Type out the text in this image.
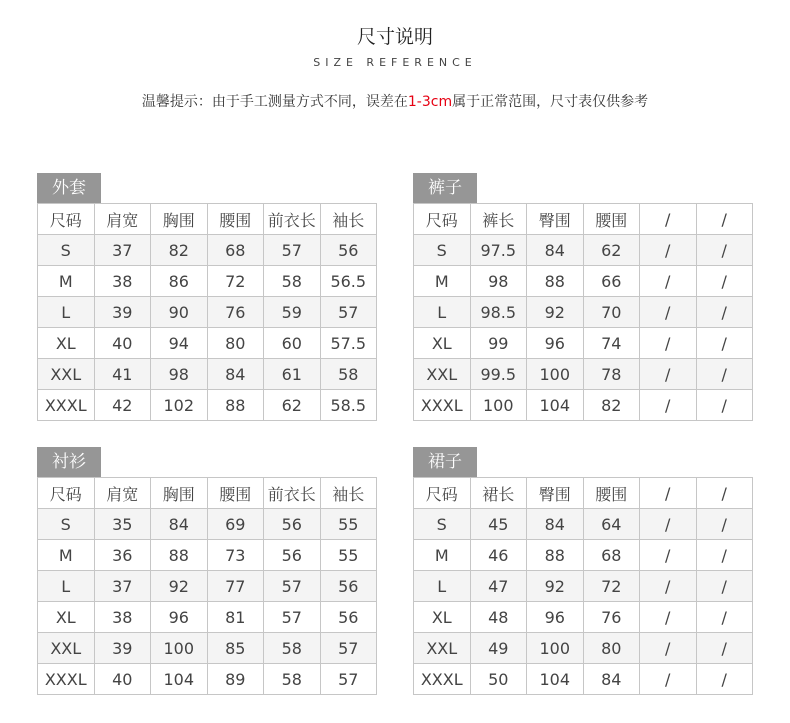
尺寸说明
SIZE REFERENCE
温馨提示：由于手工测量方式不同，误差在1-3cm属于正常范围，尺寸表仅供参考
外套
尺码	肩宽	胸围	腰围	前衣长	袖长
S	37	82	68	57	56
M	38	86	72	58	56.5
L	39	90	76	59	57
XL	40	94	80	60	57.5
XXL	41	98	84	61	58
XXXL	42	102	88	62	58.5
裤子
尺码	裤长	臀围	腰围	/	/
S	97.5	84	62	/	/
M	98	88	66	/	/
L	98.5	92	70	/	/
XL	99	96	74	/	/
XXL	99.5	100	78	/	/
XXXL	100	104	82	/	/
衬衫
尺码	肩宽	胸围	腰围	前衣长	袖长
S	35	84	69	56	55
M	36	88	73	56	55
L	37	92	77	57	56
XL	38	96	81	57	56
XXL	39	100	85	58	57
XXXL	40	104	89	58	57
裙子
尺码	裙长	臀围	腰围	/	/
S	45	84	64	/	/
M	46	88	68	/	/
L	47	92	72	/	/
XL	48	96	76	/	/
XXL	49	100	80	/	/
XXXL	50	104	84	/	/
